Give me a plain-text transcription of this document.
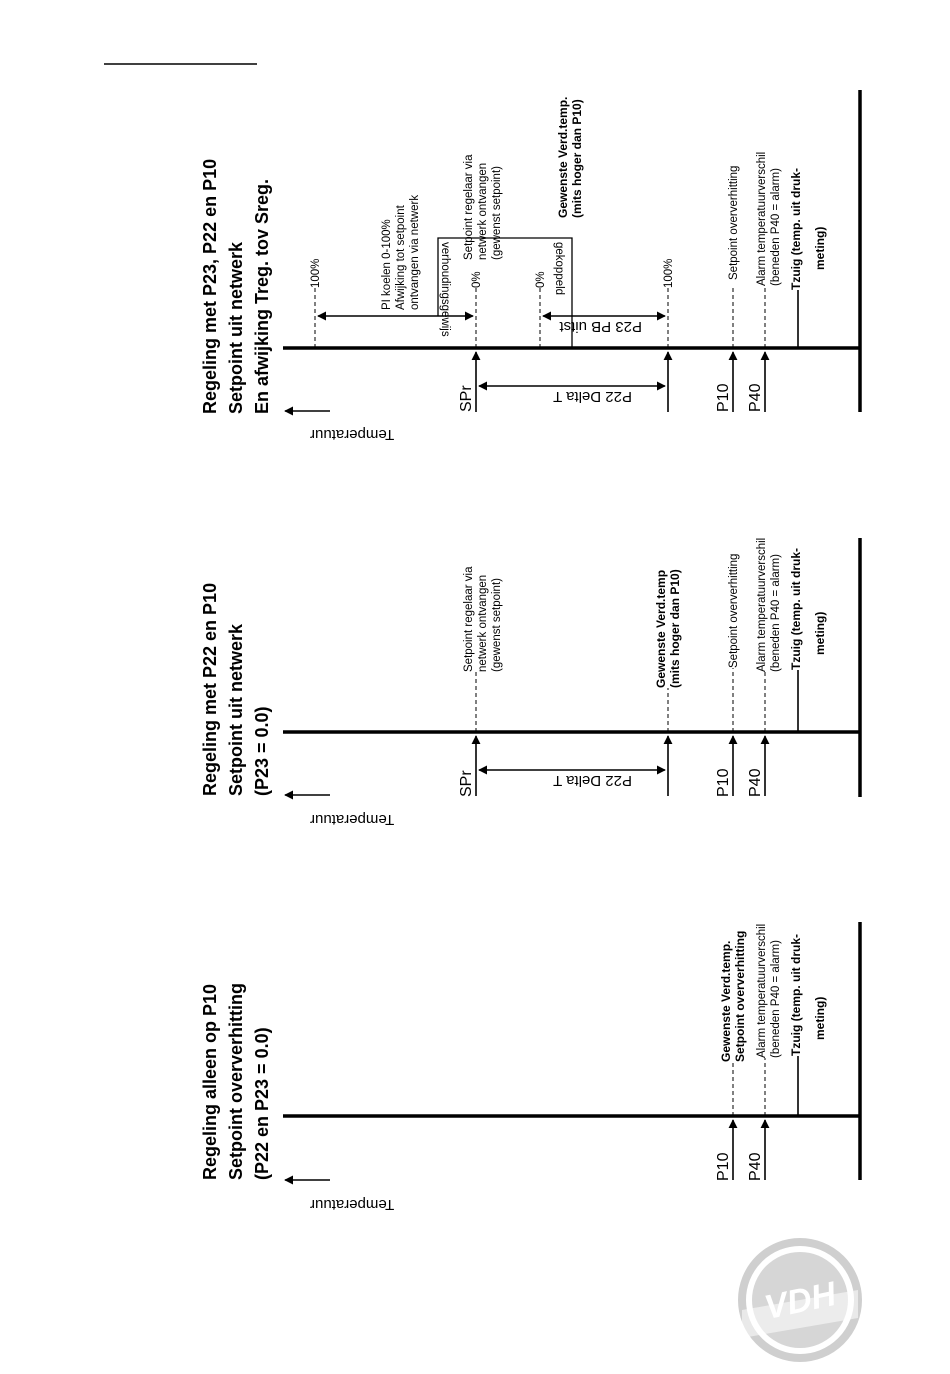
Temperatuur
Regeling met P23, P22 en P10 Setpoint uit netwerk En afwijking Treg. tov Sreg.	100%	0%	0%	100%
PI koelen 0-100% Afwijking tot setpoint ontvangen via netwerk verhoudingsgewijs	gekoppeld
Setpoint regelaar via netwerk ontvangen (gewenst setpoint)	Gewenste Verd.temp. (mits hoger dan P10)
P23 PB uitst
Setpoint oververhitting Alarm temperatuurverschil (beneden P40 = alarm) Tzuig (temp. uit druk- meting)
SPr	P10 P40
P22 Delta T
Temperatuur
Regeling met P22 en P10 Setpoint uit netwerk (P23 = 0.0)
Setpoint regelaar via netwerk ontvangen (gewenst setpoint)	Gewenste Verd.temp (mits hoger dan P10)	Setpoint oververhitting Alarm temperatuurverschil (beneden P40 = alarm) Tzuig (temp. uit druk- meting)
SPr	P10 P40
P22 Delta T
Temperatuur
Regeling alleen op P10 Setpoint oververhitting (P22 en P23 = 0.0)
Gewenste Verd.temp. Setpoint oververhitting Alarm temperatuurverschil (beneden P40 = alarm) Tzuig (temp. uit druk- meting)
P10 P40
VDH
